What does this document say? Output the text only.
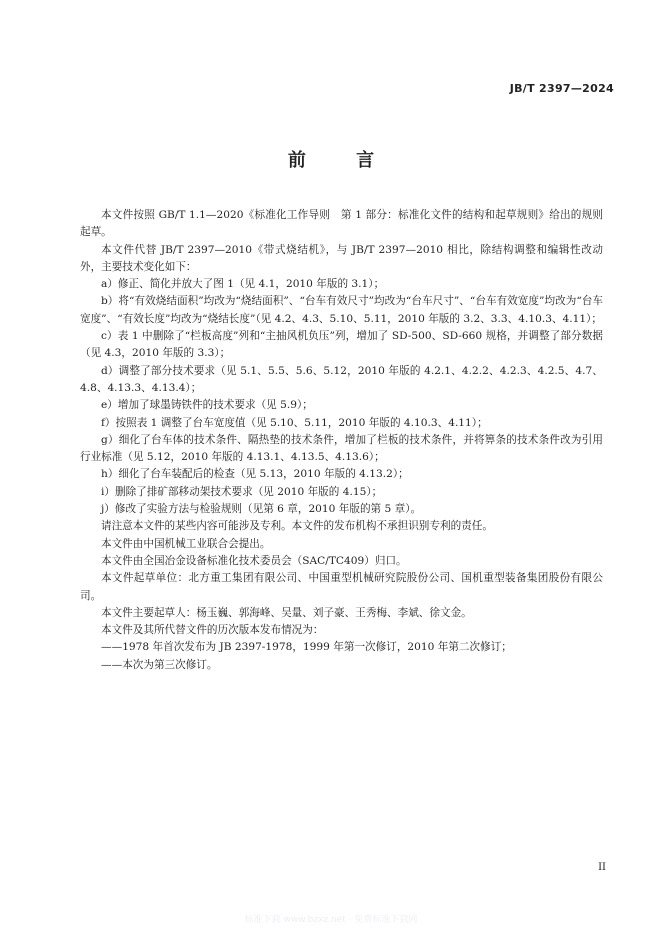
JB/T 2397—2024
前 言

本文件按照 GB/T 1.1—2020《标准化工作导则　第 1 部分：标准化文件的结构和起草规则》给出的规则起草。

本文件代替 JB/T 2397—2010《带式烧结机》，与 JB/T 2397—2010 相比，除结构调整和编辑性改动外，主要技术变化如下：

a）修正、简化并放大了图 1（见 4.1，2010 年版的 3.1）；

b）将“有效烧结面积”均改为“烧结面积”、“台车有效尺寸”均改为“台车尺寸”、“台车有效宽度”均改为“台车宽度”、“有效长度”均改为“烧结长度”（见 4.2、4.3、5.10、5.11，2010 年版的 3.2、3.3、4.10.3、4.11）；

c）表 1 中删除了“栏板高度”列和“主抽风机负压”列，增加了 SD-500、SD-660 规格，并调整了部分数据（见 4.3，2010 年版的 3.3）；

d）调整了部分技术要求（见 5.1、5.5、5.6、5.12，2010 年版的 4.2.1、4.2.2、4.2.3、4.2.5、4.7、4.8、4.13.3、4.13.4）；

e）增加了球墨铸铁件的技术要求（见 5.9）；

f）按照表 1 调整了台车宽度值（见 5.10、5.11，2010 年版的 4.10.3、4.11）；

g）细化了台车体的技术条件、隔热垫的技术条件，增加了栏板的技术条件，并将箅条的技术条件改为引用行业标准（见 5.12，2010 年版的 4.13.1、4.13.5、4.13.6）；

h）细化了台车装配后的检查（见 5.13，2010 年版的 4.13.2）；

i）删除了排矿部移动架技术要求（见 2010 年版的 4.15）；

j）修改了实验方法与检验规则（见第 6 章，2010 年版的第 5 章）。

请注意本文件的某些内容可能涉及专利。本文件的发布机构不承担识别专利的责任。

本文件由中国机械工业联合会提出。

本文件由全国冶金设备标准化技术委员会（SAC/TC409）归口。

本文件起草单位：北方重工集团有限公司、中国重型机械研究院股份公司、国机重型装备集团股份有限公司。

本文件主要起草人：杨玉巍、郭海峰、吴量、刘子豪、王秀梅、李斌、徐文金。

本文件及其所代替文件的历次版本发布情况为：

——1978 年首次发布为 JB 2397-1978，1999 年第一次修订，2010 年第二次修订；

——本次为第三次修订。

II
标准下载 www.bzxz.net · 免费标准下载网
